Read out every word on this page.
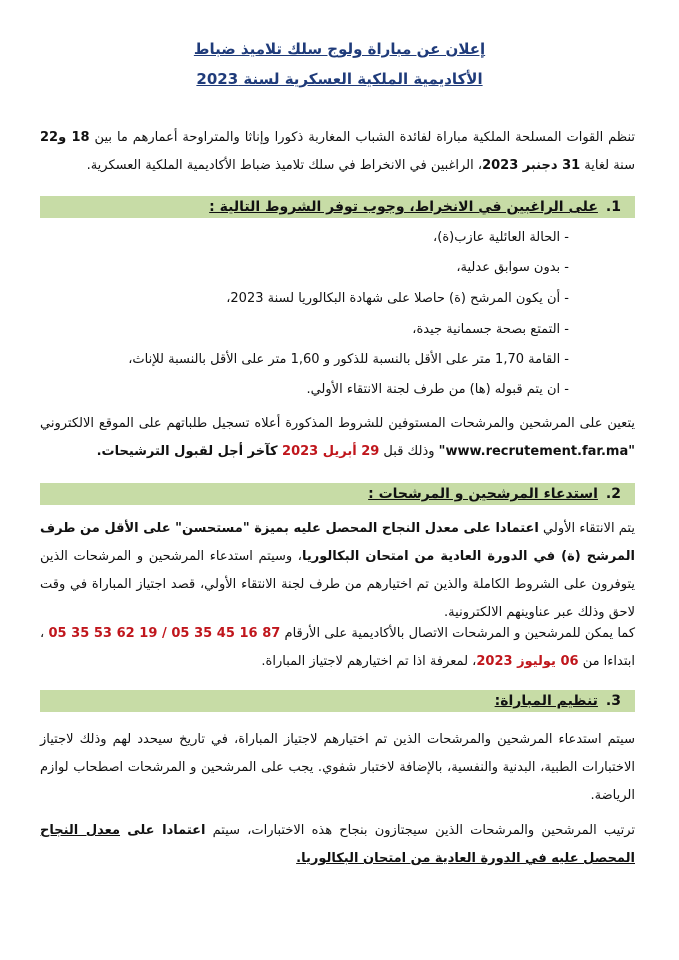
إعلان عن مباراة ولوج سلك تلاميذ ضباط
الأكاديمية الملكية العسكرية لسنة 2023
تنظم القوات المسلحة الملكية مباراة لفائدة الشباب المغاربة ذكورا وإناثا والمتراوحة أعمارهم ما بين 18 و22 سنة لغاية 31 دجنبر 2023، الراغبين في الانخراط في سلك تلاميذ ضباط الأكاديمية الملكية العسكرية.
1.على الراغبين في الانخراط، وجوب توفر الشروط التالية :
- الحالة العائلية عازب(ة)،
- بدون سوابق عدلية،
- أن يكون المرشح (ة) حاصلا على شهادة البكالوريا لسنة 2023،
- التمتع بصحة جسمانية جيدة،
- القامة 1,70 متر على الأقل بالنسبة للذكور و 1,60 متر على الأقل بالنسبة للإناث،
- ان يتم قبوله (ها) من طرف لجنة الانتقاء الأولي.
يتعين على المرشحين والمرشحات المستوفين للشروط المذكورة أعلاه تسجيل طلباتهم على الموقع الالكتروني "www.recrutement.far.ma" وذلك قبل 29 أبريل 2023 كآخر أجل لقبول الترشيحات.
2.استدعاء المرشحين و المرشحات :
يتم الانتقاء الأولي اعتمادا على معدل النجاح المحصل عليه بميزة "مستحسن" على الأقل من طرف المرشح (ة) في الدورة العادية من امتحان البكالوريا، وسيتم استدعاء المرشحين و المرشحات الذين يتوفرون على الشروط الكاملة والذين تم اختيارهم من طرف لجنة الانتقاء الأولي، قصد اجتياز المباراة في وقت لاحق وذلك عبر عناوينهم الالكترونية.
كما يمكن للمرشحين و المرشحات الاتصال بالأكاديمية على الأرقام 05 35 53 62 19 / 05 35 45 16 87 ، ابتداءا من 06 يوليوز 2023، لمعرفة اذا تم اختيارهم لاجتياز المباراة.
3.تنظيم المباراة:
سيتم استدعاء المرشحين والمرشحات الذين تم اختيارهم لاجتياز المباراة، في تاريخ سيحدد لهم وذلك لاجتياز الاختبارات الطبية، البدنية والنفسية، بالإضافة لاختبار شفوي. يجب على المرشحين و المرشحات اصطحاب لوازم الرياضة.
ترتيب المرشحين والمرشحات الذين سيجتازون بنجاح هذه الاختبارات، سيتم اعتمادا على معدل النجاح المحصل عليه في الدورة العادية من امتحان البكالوريا.
